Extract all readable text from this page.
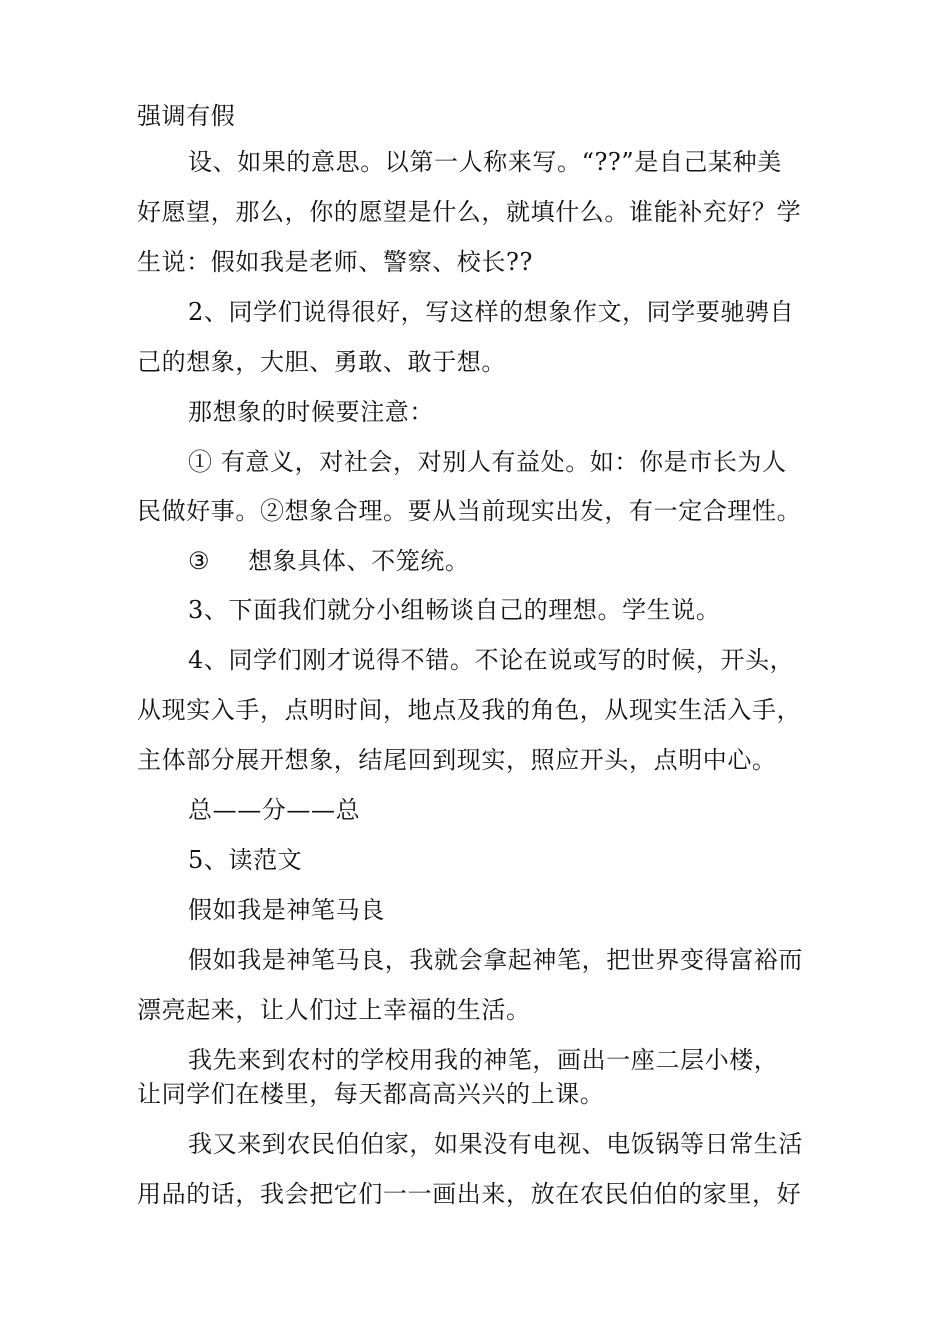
强调有假
设、如果的意思。以第一人称来写。“??”是自己某种美
好愿望，那么，你的愿望是什么，就填什么。谁能补充好？学
生说：假如我是老师、警察、校长??
2、同学们说得很好，写这样的想象作文，同学要驰骋自
己的想象，大胆、勇敢、敢于想。
那想象的时候要注意：
① 有意义，对社会，对别人有益处。如：你是市长为人
民做好事。②想象合理。要从当前现实出发，有一定合理性。
③ 想象具体、不笼统。
3、下面我们就分小组畅谈自己的理想。学生说。
4、同学们刚才说得不错。不论在说或写的时候，开头，
从现实入手，点明时间，地点及我的角色，从现实生活入手，
主体部分展开想象，结尾回到现实，照应开头，点明中心。
总——分——总
5、读范文
假如我是神笔马良
假如我是神笔马良，我就会拿起神笔，把世界变得富裕而
漂亮起来，让人们过上幸福的生活。
我先来到农村的学校用我的神笔，画出一座二层小楼，
让同学们在楼里，每天都高高兴兴的上课。
我又来到农民伯伯家，如果没有电视、电饭锅等日常生活
用品的话，我会把它们一一画出来，放在农民伯伯的家里，好
